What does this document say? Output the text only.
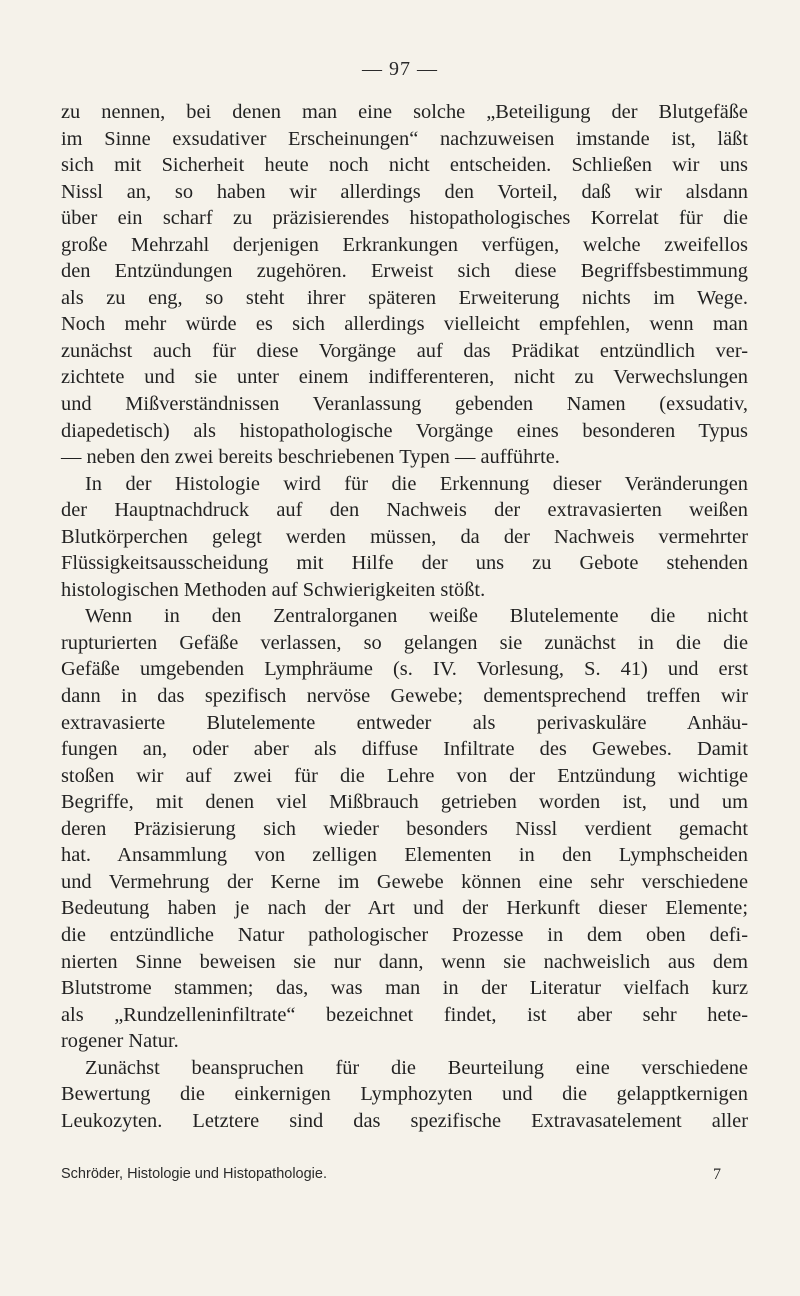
— 97 —
zu nennen, bei denen man eine solche „Beteiligung der Blutgefäße
im Sinne exsudativer Erscheinungen“ nachzuweisen imstande ist, läßt
sich mit Sicherheit heute noch nicht entscheiden. Schließen wir uns
Nissl an, so haben wir allerdings den Vorteil, daß wir alsdann
über ein scharf zu präzisierendes histopathologisches Korrelat für die
große Mehrzahl derjenigen Erkrankungen verfügen, welche zweifellos
den Entzündungen zugehören. Erweist sich diese Begriffsbestimmung
als zu eng, so steht ihrer späteren Erweiterung nichts im Wege.
Noch mehr würde es sich allerdings vielleicht empfehlen, wenn man
zunächst auch für diese Vorgänge auf das Prädikat entzündlich ver-
zichtete und sie unter einem indifferenteren, nicht zu Verwechslungen
und Mißverständnissen Veranlassung gebenden Namen (exsudativ,
diapedetisch) als histopathologische Vorgänge eines besonderen Typus
— neben den zwei bereits beschriebenen Typen — aufführte.
In der Histologie wird für die Erkennung dieser Veränderungen
der Hauptnachdruck auf den Nachweis der extravasierten weißen
Blutkörperchen gelegt werden müssen, da der Nachweis vermehrter
Flüssigkeitsausscheidung mit Hilfe der uns zu Gebote stehenden
histologischen Methoden auf Schwierigkeiten stößt.
Wenn in den Zentralorganen weiße Blutelemente die nicht
rupturierten Gefäße verlassen, so gelangen sie zunächst in die die
Gefäße umgebenden Lymphräume (s. IV. Vorlesung, S. 41) und erst
dann in das spezifisch nervöse Gewebe; dementsprechend treffen wir
extravasierte Blutelemente entweder als perivaskuläre Anhäu-
fungen an, oder aber als diffuse Infiltrate des Gewebes. Damit
stoßen wir auf zwei für die Lehre von der Entzündung wichtige
Begriffe, mit denen viel Mißbrauch getrieben worden ist, und um
deren Präzisierung sich wieder besonders Nissl verdient gemacht
hat. Ansammlung von zelligen Elementen in den Lymphscheiden
und Vermehrung der Kerne im Gewebe können eine sehr verschiedene
Bedeutung haben je nach der Art und der Herkunft dieser Elemente;
die entzündliche Natur pathologischer Prozesse in dem oben defi-
nierten Sinne beweisen sie nur dann, wenn sie nachweislich aus dem
Blutstrome stammen; das, was man in der Literatur vielfach kurz
als „Rundzelleninfiltrate“ bezeichnet findet, ist aber sehr hete-
rogener Natur.
Zunächst beanspruchen für die Beurteilung eine verschiedene
Bewertung die einkernigen Lymphozyten und die gelapptkernigen
Leukozyten. Letztere sind das spezifische Extravasatelement aller
Schröder, Histologie und Histopathologie.	7
